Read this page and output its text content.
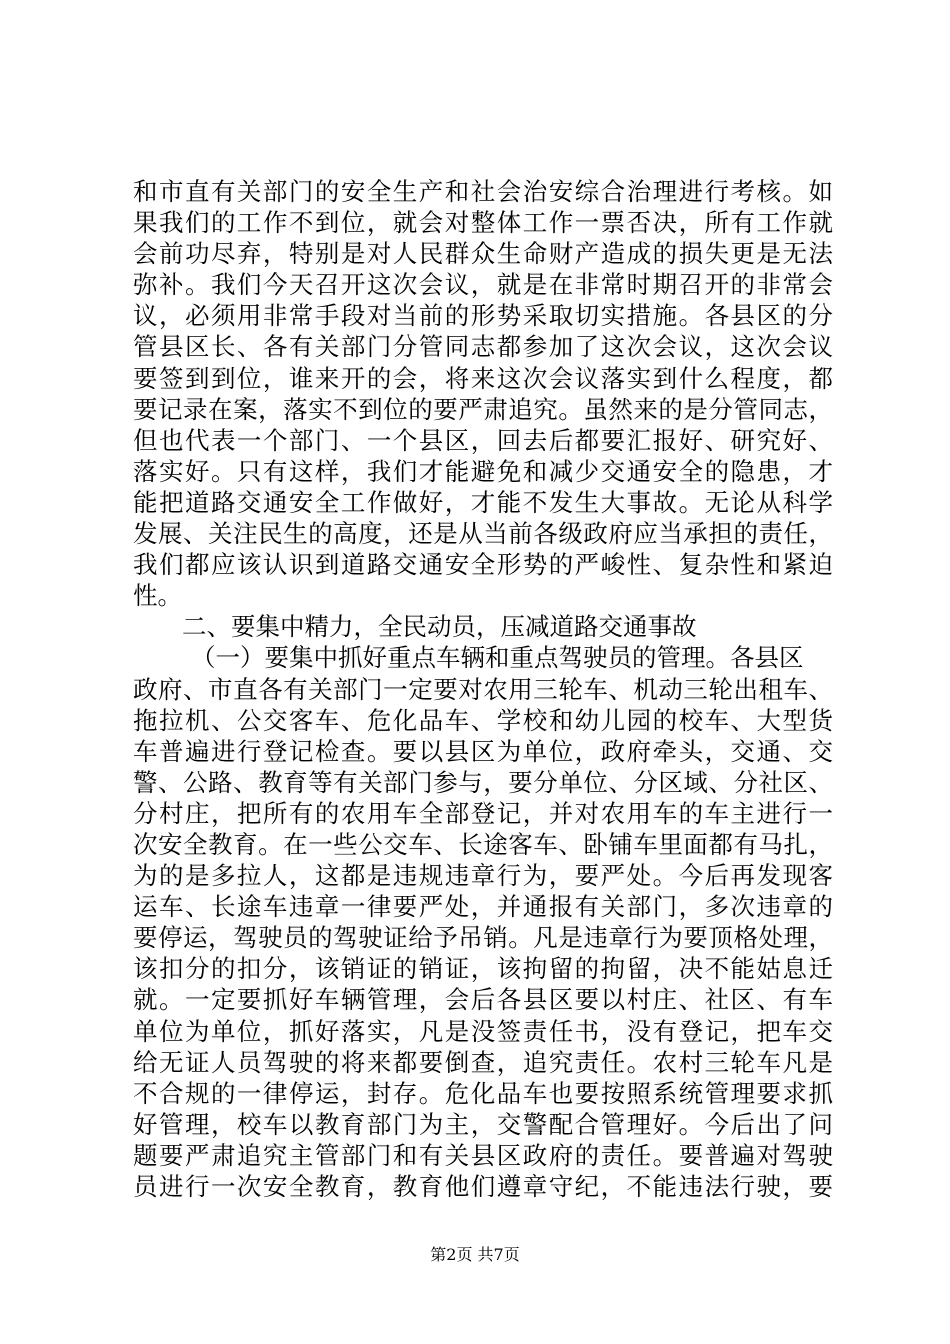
和市直有关部门的安全生产和社会治安综合治理进行考核。如
果我们的工作不到位，就会对整体工作一票否决，所有工作就
会前功尽弃，特别是对人民群众生命财产造成的损失更是无法
弥补。我们今天召开这次会议，就是在非常时期召开的非常会
议，必须用非常手段对当前的形势采取切实措施。各县区的分
管县区长、各有关部门分管同志都参加了这次会议，这次会议
要签到到位，谁来开的会，将来这次会议落实到什么程度，都
要记录在案，落实不到位的要严肃追究。虽然来的是分管同志，
但也代表一个部门、一个县区，回去后都要汇报好、研究好、
落实好。只有这样，我们才能避免和减少交通安全的隐患，才
能把道路交通安全工作做好，才能不发生大事故。无论从科学
发展、关注民生的高度，还是从当前各级政府应当承担的责任，
我们都应该认识到道路交通安全形势的严峻性、复杂性和紧迫
性。
二、要集中精力，全民动员，压减道路交通事故
（一）要集中抓好重点车辆和重点驾驶员的管理。各县区
政府、市直各有关部门一定要对农用三轮车、机动三轮出租车、
拖拉机、公交客车、危化品车、学校和幼儿园的校车、大型货
车普遍进行登记检查。要以县区为单位，政府牵头，交通、交
警、公路、教育等有关部门参与，要分单位、分区域、分社区、
分村庄，把所有的农用车全部登记，并对农用车的车主进行一
次安全教育。在一些公交车、长途客车、卧铺车里面都有马扎，
为的是多拉人，这都是违规违章行为，要严处。今后再发现客
运车、长途车违章一律要严处，并通报有关部门，多次违章的
要停运，驾驶员的驾驶证给予吊销。凡是违章行为要顶格处理，
该扣分的扣分，该销证的销证，该拘留的拘留，决不能姑息迁
就。一定要抓好车辆管理，会后各县区要以村庄、社区、有车
单位为单位，抓好落实，凡是没签责任书，没有登记，把车交
给无证人员驾驶的将来都要倒查，追究责任。农村三轮车凡是
不合规的一律停运，封存。危化品车也要按照系统管理要求抓
好管理，校车以教育部门为主，交警配合管理好。今后出了问
题要严肃追究主管部门和有关县区政府的责任。要普遍对驾驶
员进行一次安全教育，教育他们遵章守纪，不能违法行驶，要
第2页 共7页
